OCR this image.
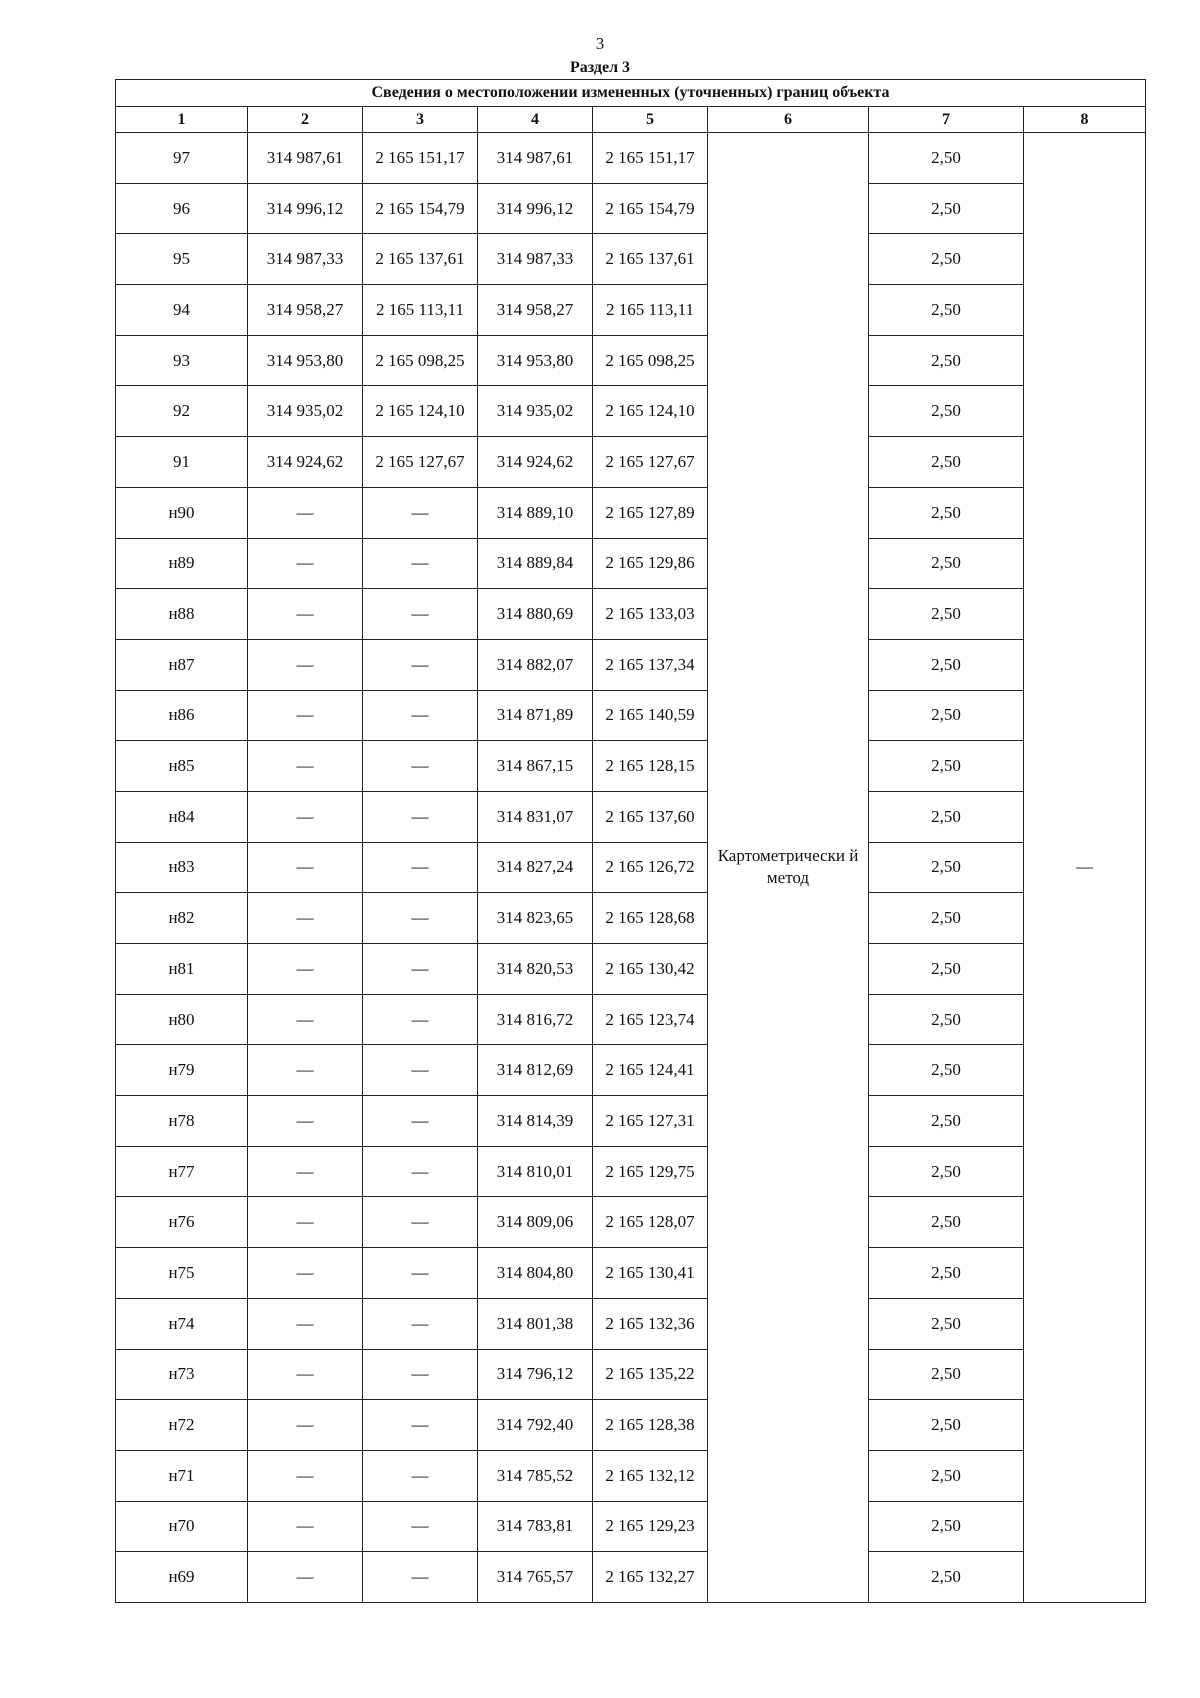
3
Раздел 3
Сведения о местоположении измененных (уточненных) границ объекта							
1	2	3	4	5	6	7	8
97	314 987,61	2 165 151,17	314 987,61	2 165 151,17	Картометрически й метод	2,50	—
96	314 996,12	2 165 154,79	314 996,12	2 165 154,79		2,50	
95	314 987,33	2 165 137,61	314 987,33	2 165 137,61		2,50	
94	314 958,27	2 165 113,11	314 958,27	2 165 113,11		2,50	
93	314 953,80	2 165 098,25	314 953,80	2 165 098,25		2,50	
92	314 935,02	2 165 124,10	314 935,02	2 165 124,10		2,50	
91	314 924,62	2 165 127,67	314 924,62	2 165 127,67		2,50	
н90	—	—	314 889,10	2 165 127,89		2,50	
н89	—	—	314 889,84	2 165 129,86		2,50	
н88	—	—	314 880,69	2 165 133,03		2,50	
н87	—	—	314 882,07	2 165 137,34		2,50	
н86	—	—	314 871,89	2 165 140,59		2,50	
н85	—	—	314 867,15	2 165 128,15		2,50	
н84	—	—	314 831,07	2 165 137,60		2,50	
н83	—	—	314 827,24	2 165 126,72		2,50	
н82	—	—	314 823,65	2 165 128,68		2,50	
н81	—	—	314 820,53	2 165 130,42		2,50	
н80	—	—	314 816,72	2 165 123,74		2,50	
н79	—	—	314 812,69	2 165 124,41		2,50	
н78	—	—	314 814,39	2 165 127,31		2,50	
н77	—	—	314 810,01	2 165 129,75		2,50	
н76	—	—	314 809,06	2 165 128,07		2,50	
н75	—	—	314 804,80	2 165 130,41		2,50	
н74	—	—	314 801,38	2 165 132,36		2,50	
н73	—	—	314 796,12	2 165 135,22		2,50	
н72	—	—	314 792,40	2 165 128,38		2,50	
н71	—	—	314 785,52	2 165 132,12		2,50	
н70	—	—	314 783,81	2 165 129,23		2,50	
н69	—	—	314 765,57	2 165 132,27		2,50	
